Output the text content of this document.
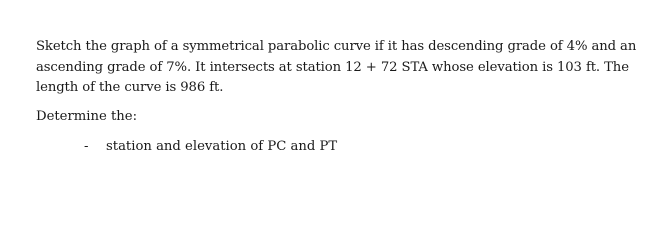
Sketch the graph of a symmetrical parabolic curve if it has descending grade of 4% and an
ascending grade of 7%. It intersects at station 12 + 72 STA whose elevation is 103 ft. The
length of the curve is 986 ft.

Determine the:

-	station and elevation of PC and PT
